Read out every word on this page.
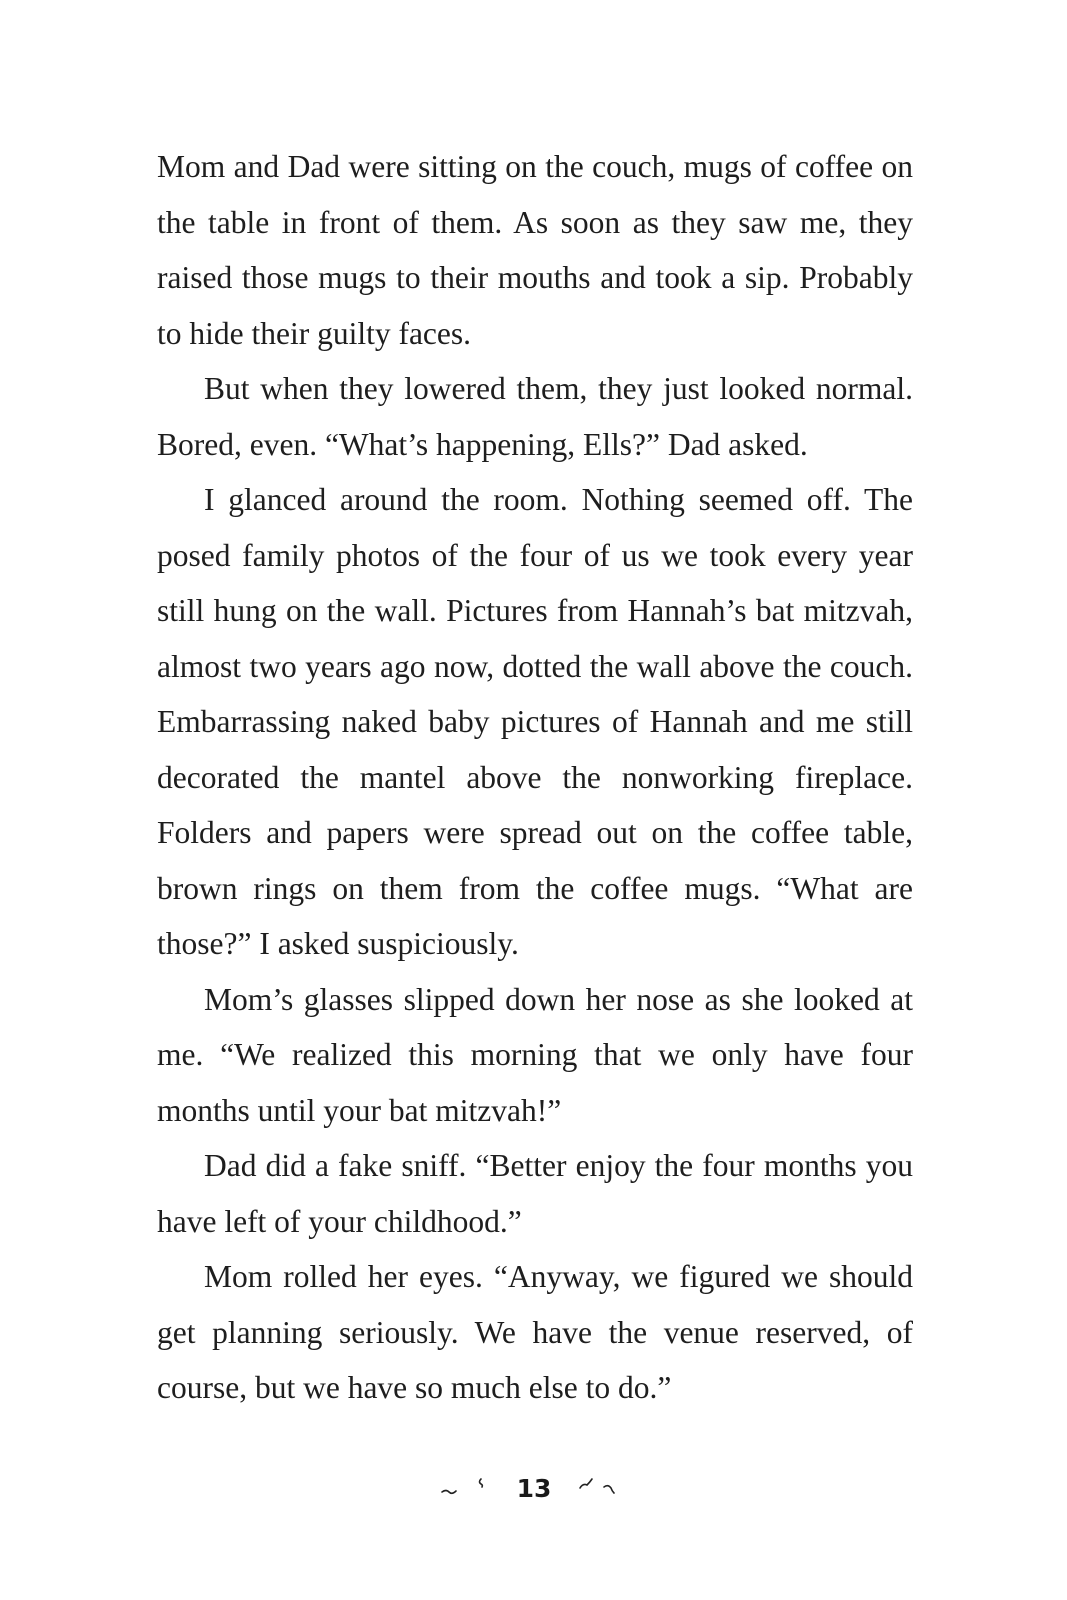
Mom and Dad were sitting on the couch, mugs of coffee on the table in front of them. As soon as they saw me, they raised those mugs to their mouths and took a sip. Probably to hide their guilty faces.

But when they lowered them, they just looked normal. Bored, even. “What’s happening, Ells?” Dad asked.

I glanced around the room. Nothing seemed off. The posed family photos of the four of us we took every year still hung on the wall. Pictures from Hannah’s bat mitzvah, almost two years ago now, dotted the wall above the couch. Embarrassing naked baby pictures of Hannah and me still decorated the mantel above the nonworking fireplace. Folders and papers were spread out on the coffee table, brown rings on them from the coffee mugs. “What are those?” I asked suspiciously.

Mom’s glasses slipped down her nose as she looked at me. “We realized this morning that we only have four months until your bat mitzvah!”

Dad did a fake sniff. “Better enjoy the four months you have left of your childhood.”

Mom rolled her eyes. “Anyway, we figured we should get planning seriously. We have the venue reserved, of course, but we have so much else to do.”

13
